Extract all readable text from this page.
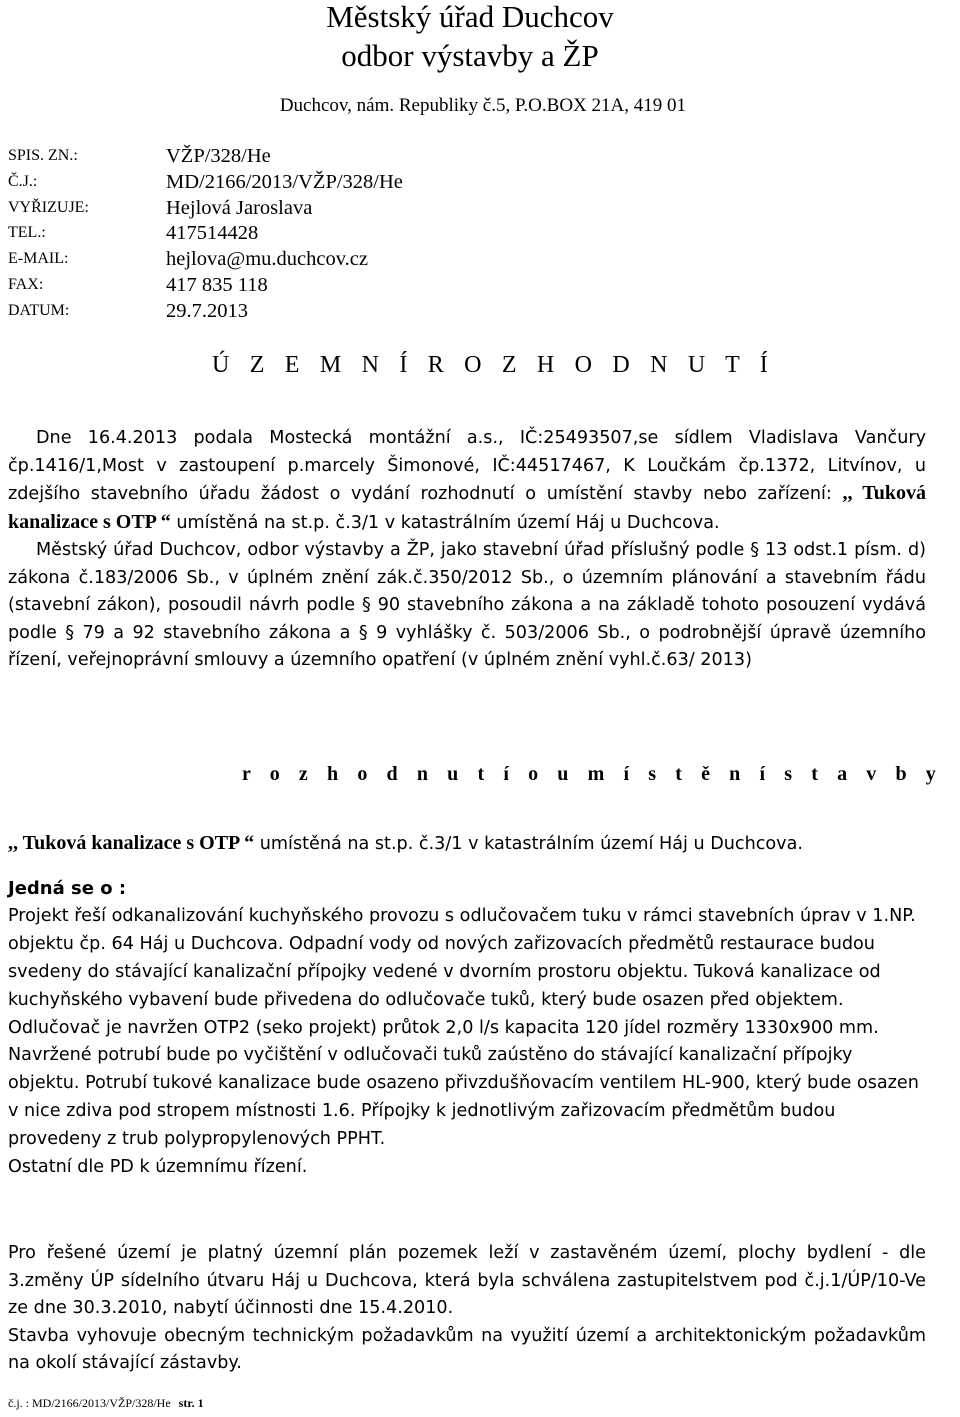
Městský úřad Duchcov
odbor výstavby a ŽP
Duchcov, nám. Republiky č.5, P.O.BOX 21A, 419 01
SPIS. ZN.:	VŽP/328/He
Č.J.:	MD/2166/2013/VŽP/328/He
VYŘIZUJE:	Hejlová Jaroslava
TEL.:	417514428
E-MAIL:	hejlova@mu.duchcov.cz
FAX:	417 835 118
DATUM:	29.7.2013
Ú Z E M N Í R O Z H O D N U T Í

Dne 16.4.2013 podala Mostecká montážní a.s., IČ:25493507,se sídlem Vladislava Vančury čp.1416/1,Most v zastoupení p.marcely Šimonové, IČ:44517467, K Loučkám čp.1372, Litvínov, u zdejšího stavebního úřadu žádost o vydání rozhodnutí o umístění stavby nebo zařízení: ,, Tuková kanalizace s OTP “ umístěná na st.p. č.3/1 v katastrálním území Háj u Duchcova.

Městský úřad Duchcov, odbor výstavby a ŽP, jako stavební úřad příslušný podle § 13 odst.1 písm. d) zákona č.183/2006 Sb., v úplném znění zák.č.350/2012 Sb., o územním plánování a stavebním řádu (stavební zákon), posoudil návrh podle § 90 stavebního zákona a na základě tohoto posouzení vydává podle § 79 a 92 stavebního zákona a § 9 vyhlášky č. 503/2006 Sb., o podrobnější úpravě územního řízení, veřejnoprávní smlouvy a územního opatření (v úplném znění vyhl.č.63/ 2013)

r o z h o d n u t í o u m í s t ě n í s t a v b y
,, Tuková kanalizace s OTP “ umístěná na st.p. č.3/1 v katastrálním území Háj u Duchcova.

Jedná se o :

Projekt řeší odkanalizování kuchyňského provozu s odlučovačem tuku v rámci stavebních úprav v 1.NP. objektu čp. 64 Háj u Duchcova. Odpadní vody od nových zařizovacích předmětů restaurace budou svedeny do stávající kanalizační přípojky vedené v dvorním prostoru objektu. Tuková kanalizace od kuchyňského vybavení bude přivedena do odlučovače tuků, který bude osazen před objektem. Odlučovač je navržen OTP2 (seko projekt) průtok 2,0 l/s kapacita 120 jídel rozměry 1330x900 mm. Navržené potrubí bude po vyčištění v odlučovači tuků zaústěno do stávající kanalizační přípojky objektu. Potrubí tukové kanalizace bude osazeno přivzdušňovacím ventilem HL-900, který bude osazen v nice zdiva pod stropem místnosti 1.6. Přípojky k jednotlivým zařizovacím předmětům budou provedeny z trub polypropylenových PPHT.

Ostatní dle PD k územnímu řízení.

Pro řešené území je platný územní plán pozemek leží v zastavěném území, plochy bydlení - dle 3.změny ÚP sídelního útvaru Háj u Duchcova, která byla schválena zastupitelstvem pod č.j.1/ÚP/10-Ve ze dne 30.3.2010, nabytí účinnosti dne 15.4.2010.

Stavba vyhovuje obecným technickým požadavkům na využití území a architektonickým požadavkům na okolí stávající zástavby.

č.j. : MD/2166/2013/VŽP/328/He str. 1
